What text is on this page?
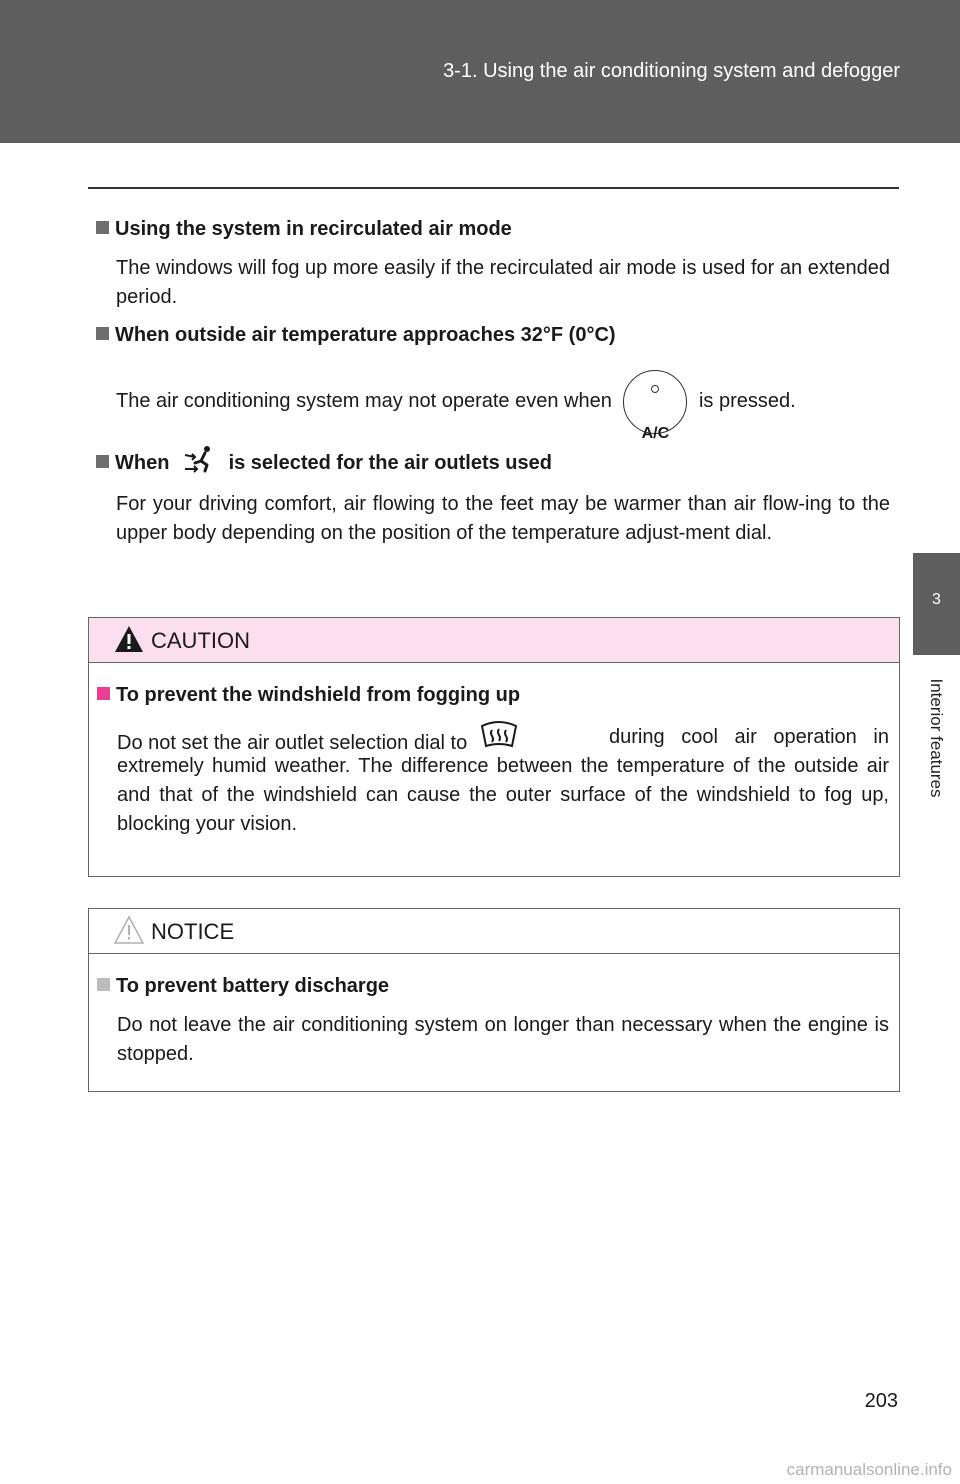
3-1. Using the air conditioning system and defogger
3
Interior features
Using the system in recirculated air mode
The windows will fog up more easily if the recirculated air mode is used for an extended period.
When outside air temperature approaches 32°F (0°C)
The air conditioning system may not operate even when
A/C
is pressed.
When	is selected for the air outlets used
For your driving comfort, air flowing to the feet may be warmer than air flow-ing to the upper body depending on the position of the temperature adjust-ment dial.
CAUTION
To prevent the windshield from fogging up
Do not set the air outlet selection dial to	during cool air operation in extremely humid weather. The difference between the temperature of the outside air and that of the windshield can cause the outer surface of the windshield to fog up, blocking your vision.
NOTICE
To prevent battery discharge
Do not leave the air conditioning system on longer than necessary when the engine is stopped.
203
carmanualsonline.info
